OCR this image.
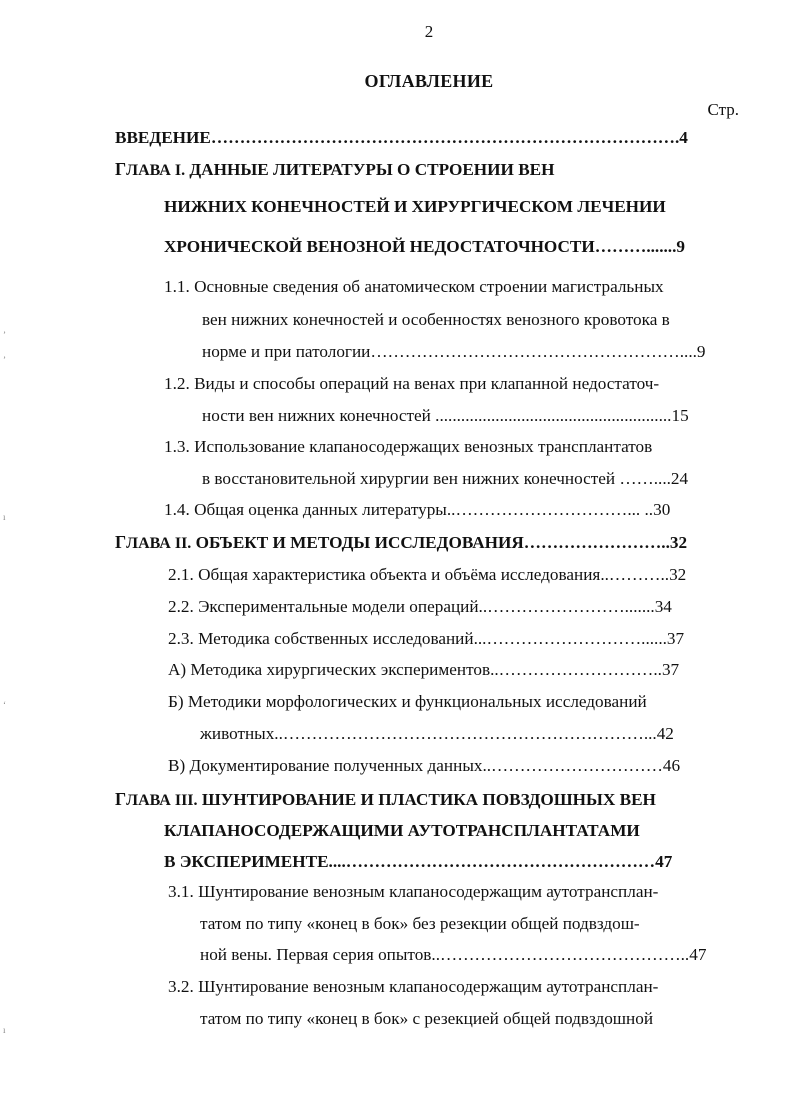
2
ОГЛАВЛЕНИЕ
Стр.
ВВЕДЕНИЕ……………………………………………………………………….4
ГЛАВА I. ДАННЫЕ ЛИТЕРАТУРЫ О СТРОЕНИИ ВЕН
НИЖНИХ КОНЕЧНОСТЕЙ И ХИРУРГИЧЕСКОМ ЛЕЧЕНИИ
ХРОНИЧЕСКОЙ ВЕНОЗНОЙ НЕДОСТАТОЧНОСТИ……….......9
1.1. Основные сведения об анатомическом строении магистральных
вен нижних конечностей и особенностях венозного кровотока в
норме и при патологии………………………………………………....9
1.2. Виды и способы операций на венах при клапанной недостаточ-
ности вен нижних конечностей .......................................................15
1.3. Использование клапаносодержащих венозных трансплантатов
в восстановительной хирургии вен нижних конечностей ……....24
1.4. Общая оценка данных литературы..…………………………... ..30
ГЛАВА II. ОБЪЕКТ И МЕТОДЫ ИССЛЕДОВАНИЯ……………………..32
2.1. Общая характеристика объекта и объёма исследования..………..32
2.2. Экспериментальные модели операций..…………………….......34
2.3. Методика собственных исследований...………………………......37
А) Методика хирургических экспериментов..………………………..37
Б) Методики морфологических и функциональных исследований
животных..………………………………………………………...42
В) Документирование полученных данных..…………………………46
ГЛАВА III. ШУНТИРОВАНИЕ И ПЛАСТИКА ПОВЗДОШНЫХ ВЕН
КЛАПАНОСОДЕРЖАЩИМИ АУТОТРАНСПЛАНТАТАМИ
В ЭКСПЕРИМЕНТЕ....………………………………………………47
3.1. Шунтирование венозным клапаносодержащим аутотрансплан-
татом по типу «конец в бок» без резекции общей подвздош-
ной вены. Первая серия опытов..……………………………………..47
3.2. Шунтирование венозным клапаносодержащим аутотрансплан-
татом по типу «конец в бок» с резекцией общей подвздошной
ʼ
ʼ
ı
ʻ
ı
